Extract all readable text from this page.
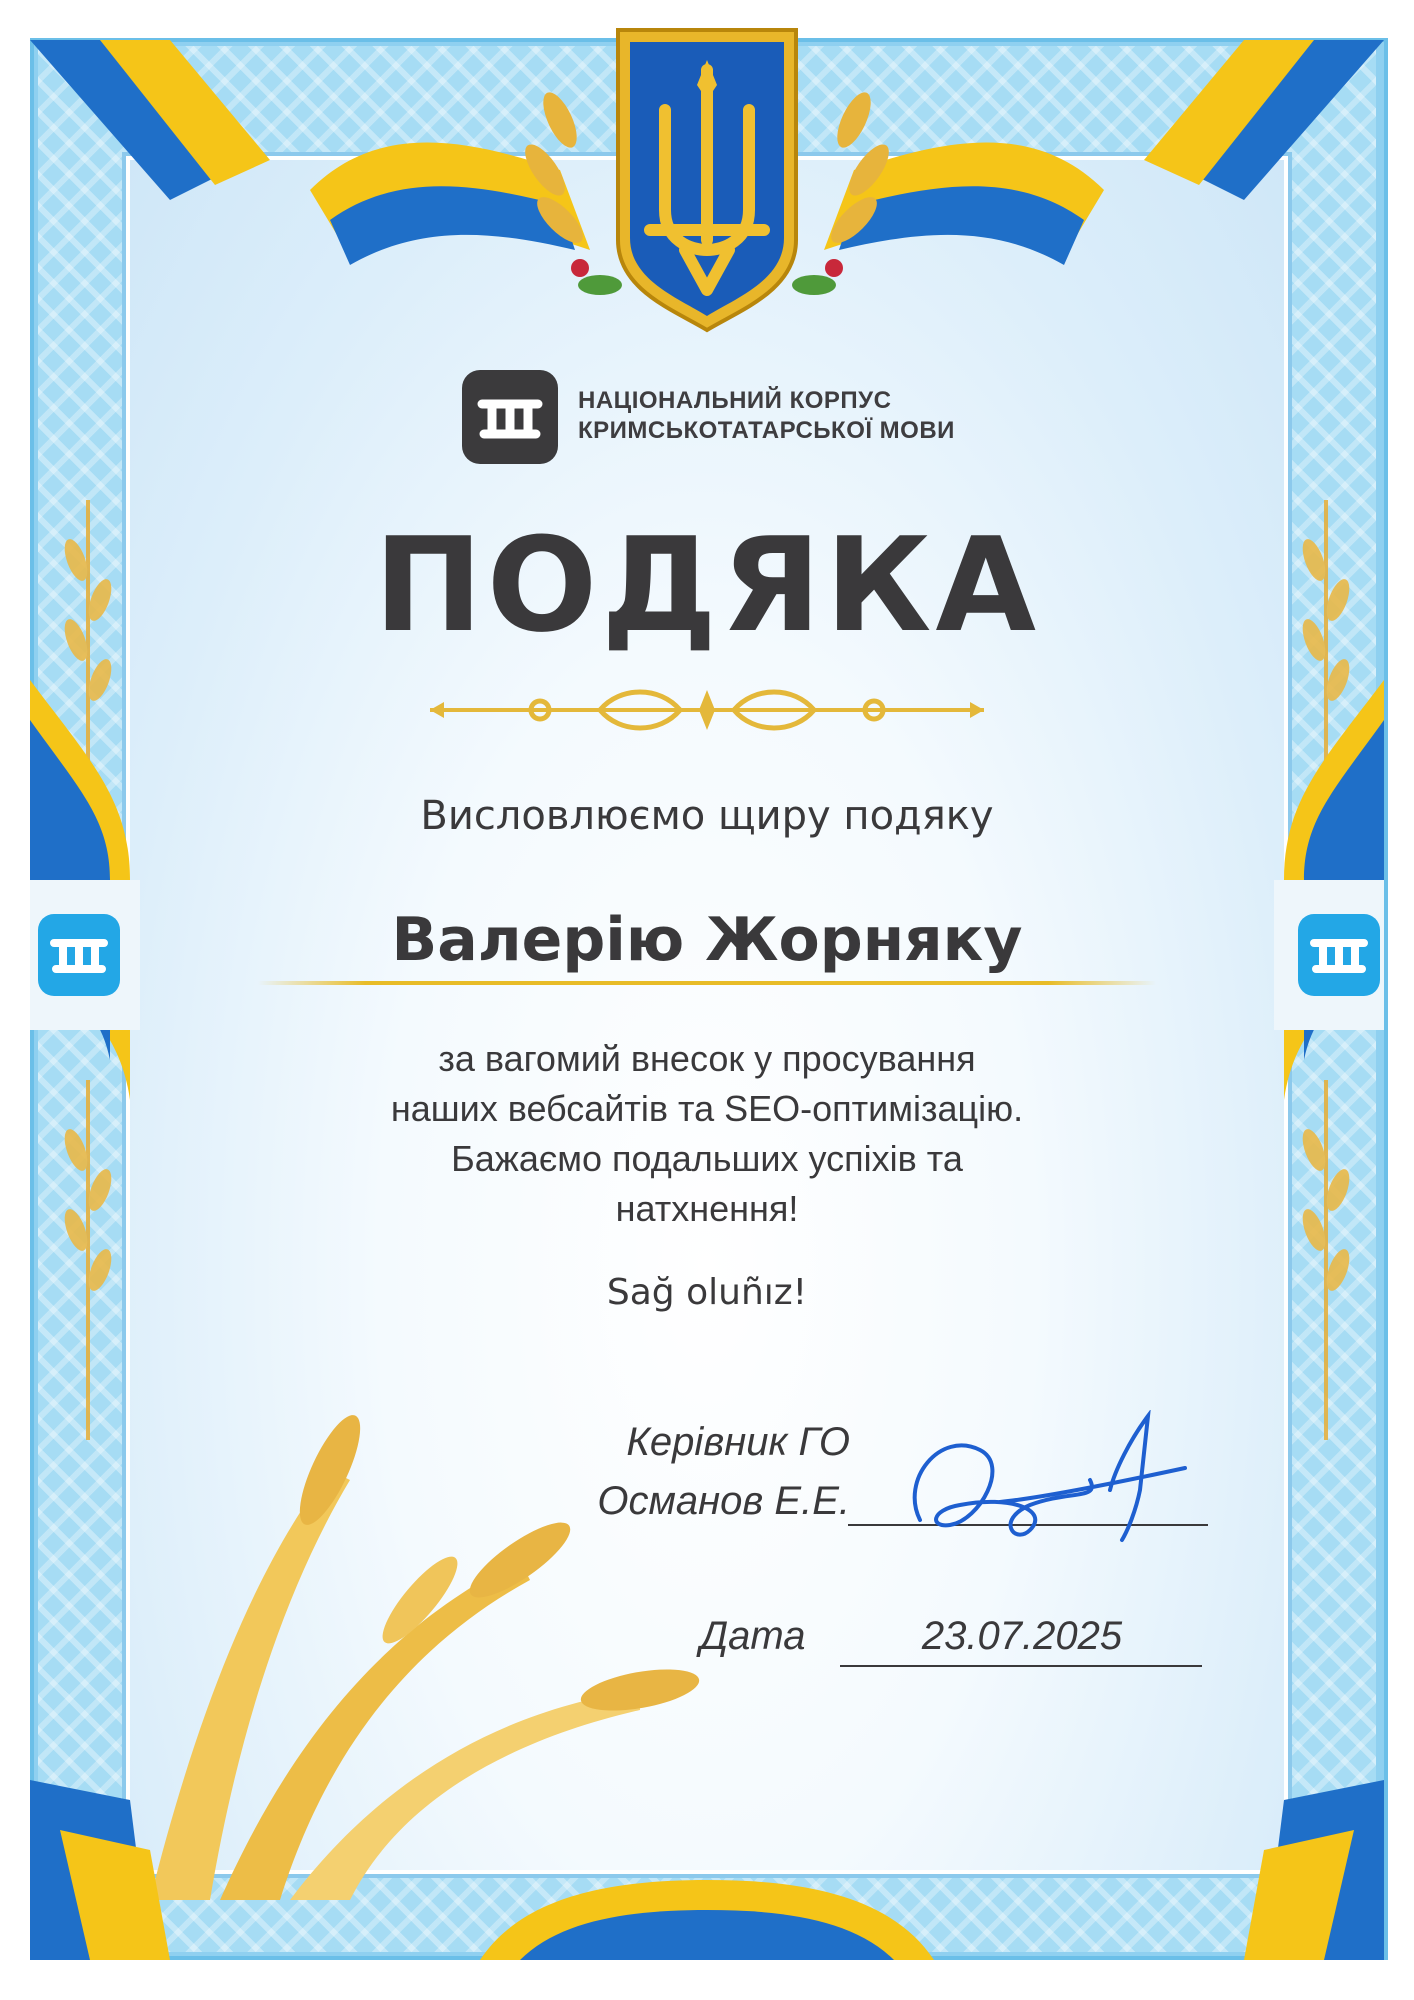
НАЦІОНАЛЬНИЙ КОРПУС
КРИМСЬКОТАТАРСЬКОЇ МОВИ
ПОДЯКА
Висловлюємо щиру подяку
Валерію Жорняку
за вагомий внесок у просування
наших вебсайтів та SEO-оптимізацію.
Бажаємо подальших успіхів та
натхнення!
Sağ oluñız!
Керівник ГО
Османов Е.Е.
Дата	23.07.2025
